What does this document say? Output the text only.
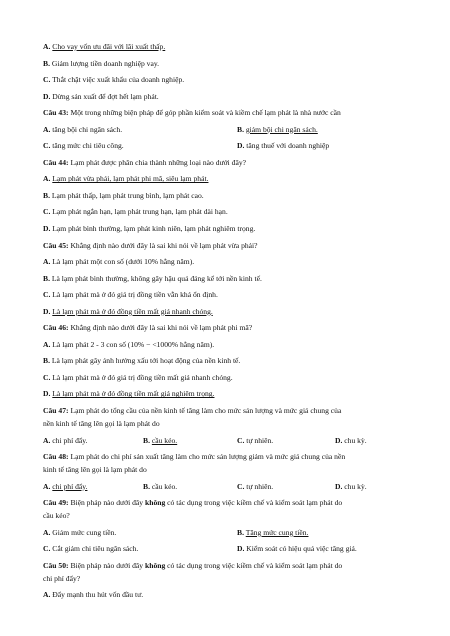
A. Cho vay vốn ưu đãi với lãi xuất thấp.
B. Giảm lượng tiền doanh nghiệp vay.
C. Thắt chặt việc xuất khẩu của doanh nghiệp.
D. Dừng sản xuất để đợt hết lạm phát.
Câu 43: Một trong những biện pháp để góp phần kiểm soát và kiềm chế lạm phát là nhà nước cần
A. tăng bội chi ngân sách.	B. giảm bội chi ngân sách.
C. tăng mức chi tiêu công.	D. tăng thuế với doanh nghiệp
Câu 44: Lạm phát được phân chia thành những loại nào dưới đây?
A. Lạm phát vừa phải, lạm phát phi mã, siêu lạm phát.
B. Lạm phát thấp, lạm phát trung bình, lạm phát cao.
C. Lạm phát ngắn hạn, lạm phát trung hạn, lạm phát dài hạn.
D. Lạm phát bình thường, lạm phát kinh niên, lạm phát nghiêm trọng.
Câu 45: Khẳng định nào dưới đây là sai khi nói về lạm phát vừa phải?
A. Là lạm phát một con số (dưới 10% hằng năm).
B. Là lạm phát bình thường, không gây hậu quả đáng kể tới nền kinh tế.
C. Là lạm phát mà ở đó giá trị đồng tiền vẫn khá ổn định.
D. Là lạm phát mà ở đó đồng tiền mất giá nhanh chóng.
Câu 46: Khẳng định nào dưới đây là sai khi nói về lạm phát phi mã?
A. Là lạm phát 2 - 3 con số (10% − <1000% hằng năm).
B. Là lạm phát gây ảnh hưởng xấu tới hoạt động của nền kinh tế.
C. Là lạm phát mà ở đó giá trị đồng tiền mất giá nhanh chóng.
D. Là lạm phát mà ở đó đồng tiền mất giá nghiêm trọng.
Câu 47: Lạm phát do tổng cầu của nền kinh tế tăng làm cho mức sản lượng và mức giá chung của
nền kinh tế tăng lên gọi là lạm phát do
A. chi phí đẩy.	B. cầu kéo.	C. tự nhiên.	D. chu kỳ.
Câu 48: Lạm phát do chi phí sản xuất tăng làm cho mức sản lượng giảm và mức giá chung của nền
kinh tế tăng lên gọi là lạm phát do
A. chi phí đẩy.	B. cầu kéo.	C. tự nhiên.	D. chu kỳ.
Câu 49: Biện pháp nào dưới đây không có tác dụng trong việc kiềm chế và kiểm soát lạm phát do
cầu kéo?
A. Giảm mức cung tiền.	B. Tăng mức cung tiền.
C. Cắt giảm chi tiêu ngân sách.	D. Kiểm soát có hiệu quả việc tăng giá.
Câu 50: Biện pháp nào dưới đây không có tác dụng trong việc kiềm chế và kiểm soát lạm phát do
chi phí đẩy?
A. Đẩy mạnh thu hút vốn đầu tư.
